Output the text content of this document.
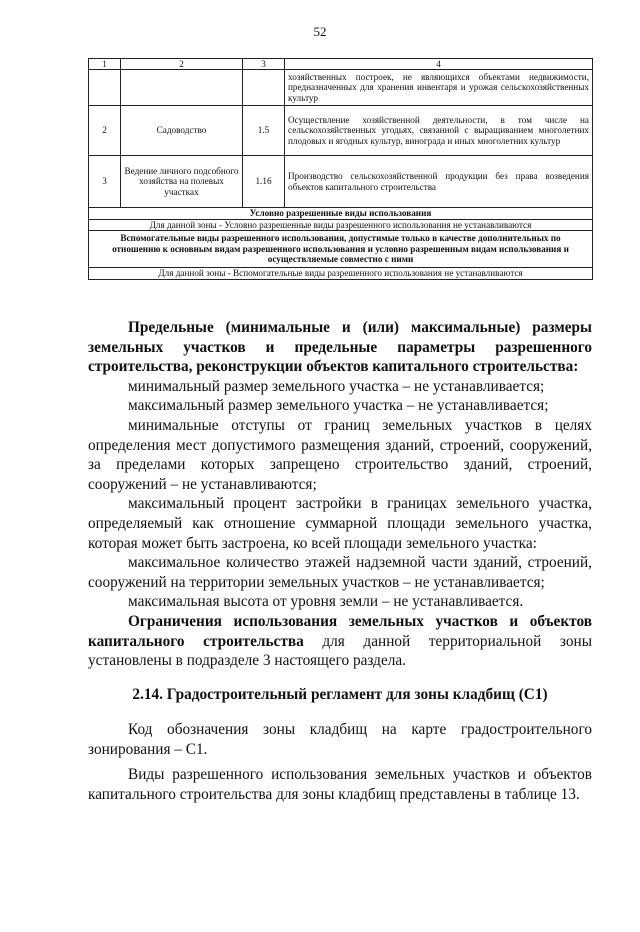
52
1	2	3	4
			хозяйственных построек, не являющихся объектами недвижимости, предназначенных для хранения инвентаря и урожая сельскохозяйственных культур
2	Садоводство	1.5	Осуществление хозяйственной деятельности, в том числе на сельскохозяйственных угодьях, связанной с выращиванием многолетних плодовых и ягодных культур, винограда и иных многолетних культур
3	Ведение личного подсобного хозяйства на полевых участках	1.16	Производство сельскохозяйственной продукции без права возведения объектов капитального строительства
Условно разрешенные виды использования			
Для данной зоны - Условно разрешенные виды разрешенного использования не устанавливаются			
Вспомогательные виды разрешенного использования, допустимые только в качестве дополнительных по отношению к основным видам разрешенного использования и условно разрешенным видам использования и осуществляемые совместно с ними			
Для данной зоны - Вспомогательные виды разрешенного использования не устанавливаются			

Предельные (минимальные и (или) максимальные) размеры земельных участков и предельные параметры разрешенного строительства, реконструкции объектов капитального строительства:

минимальный размер земельного участка – не устанавливается;

максимальный размер земельного участка – не устанавливается;

минимальные отступы от границ земельных участков в целях определения мест допустимого размещения зданий, строений, сооружений, за пределами которых запрещено строительство зданий, строений, сооружений – не устанавливаются;

максимальный процент застройки в границах земельного участка, определяемый как отношение суммарной площади земельного участка, которая может быть застроена, ко всей площади земельного участка:

максимальное количество этажей надземной части зданий, строений, сооружений на территории земельных участков – не устанавливается;

максимальная высота от уровня земли – не устанавливается.

Ограничения использования земельных участков и объектов капитального строительства для данной территориальной зоны установлены в подразделе 3 настоящего раздела.

2.14. Градостроительный регламент для зоны кладбищ (С1)

Код обозначения зоны кладбищ на карте градостроительного зонирования – С1.

Виды разрешенного использования земельных участков и объектов капитального строительства для зоны кладбищ представлены в таблице 13.
